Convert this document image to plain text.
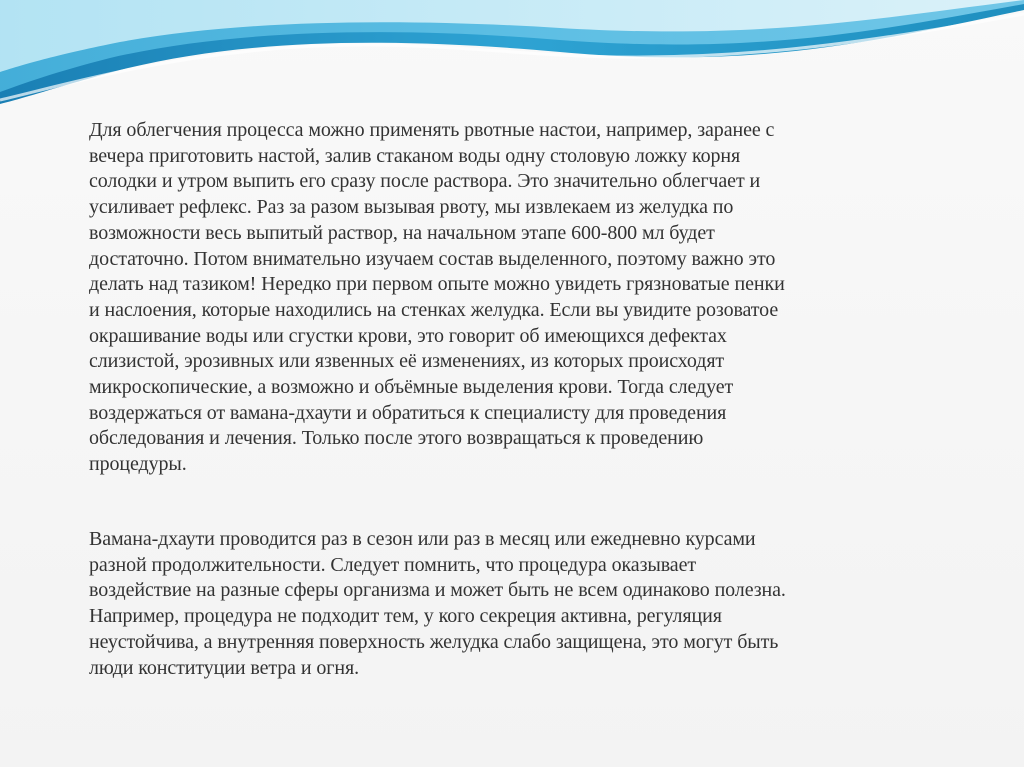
Для облегчения процесса можно применять рвотные настои, например, заранее с
вечера приготовить настой, залив стаканом воды одну столовую ложку корня
солодки и утром выпить его сразу после раствора. Это значительно облегчает и
усиливает рефлекс. Раз за разом вызывая рвоту, мы извлекаем из желудка по
возможности весь выпитый раствор, на начальном этапе 600-800 мл будет
достаточно. Потом внимательно изучаем состав выделенного, поэтому важно это
делать над тазиком! Нередко при первом опыте можно увидеть грязноватые пенки
и наслоения, которые находились на стенках желудка. Если вы увидите розоватое
окрашивание воды или сгустки крови, это говорит об имеющихся дефектах
слизистой, эрозивных или язвенных её изменениях, из которых происходят
микроскопические, а возможно и объёмные выделения крови. Тогда следует
воздержаться от вамана-дхаути и обратиться к специалисту для проведения
обследования и лечения. Только после этого возвращаться к проведению
процедуры.

Вамана-дхаути проводится раз в сезон или раз в месяц или ежедневно курсами
разной продолжительности. Следует помнить, что процедура оказывает
воздействие на разные сферы организма и может быть не всем одинаково полезна.
Например, процедура не подходит тем, у кого секреция активна, регуляция
неустойчива, а внутренняя поверхность желудка слабо защищена, это могут быть
люди конституции ветра и огня.
